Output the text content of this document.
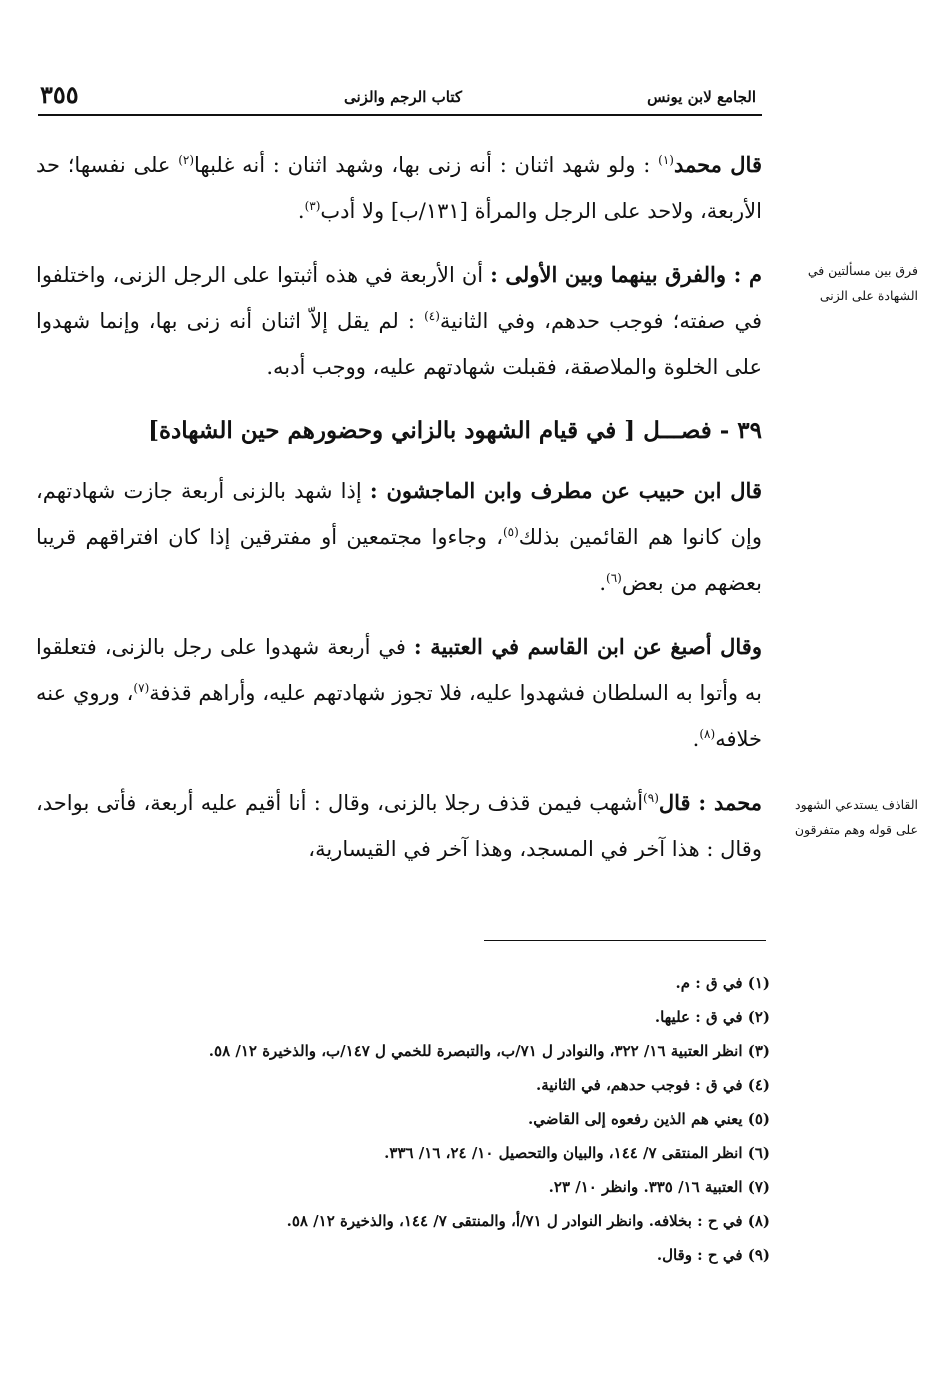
الجامع لابن يونس
كتاب الرجم والزنى
٣٥٥
فرق بين مسألتين في الشهادة على الزنى
القاذف يستدعي الشهود على قوله وهم متفرقون

قال محمد$^{(١)}$ : ولو شهد اثنان : أنه زنى بها، وشهد اثنان : أنه غلبها$^{(٢)}$ على نفسها؛ حد الأربعة، ولاحد على الرجل والمرأة [١٣١/ب] ولا أدب$^{(٣)}$.

م : والفرق بينهما وبين الأولى : أن الأربعة في هذه أثبتوا على الرجل الزنى، واختلفوا في صفته؛ فوجب حدهم، وفي الثانية$^{(٤)}$ : لم يقل إلاّ اثنان أنه زنى بها، وإنما شهدوا على الخلوة والملاصقة، فقبلت شهادتهم عليه، ووجب أدبه.

٣٩ - فصـــل [ في قيام الشهود بالزاني وحضورهم حين الشهادة]

قال ابن حبيب عن مطرف وابن الماجشون : إذا شهد بالزنى أربعة جازت شهادتهم، وإن كانوا هم القائمين بذلك$^{(٥)}$، وجاءوا مجتمعين أو مفترقين إذا كان افتراقهم قريبا بعضهم من بعض$^{(٦)}$.

وقال أصبغ عن ابن القاسم في العتبية : في أربعة شهدوا على رجل بالزنى، فتعلقوا به وأتوا به السلطان فشهدوا عليه، فلا تجوز شهادتهم عليه، وأراهم قذفة$^{(٧)}$، وروي عنه خلافه$^{(٨)}$.

محمد : قال$^{(٩)}$أشهب فيمن قذف رجلا بالزنى، وقال : أنا أقيم عليه أربعة، فأتى بواحد، وقال : هذا آخر في المسجد، وهذا آخر في القيسارية،

(١) في ق : م.
(٢) في ق : عليها.
(٣) انظر العتبية ١٦/ ٣٢٢، والنوادر ل ٧١/ب، والتبصرة للخمي ل ١٤٧/ب، والذخيرة ١٢/ ٥٨.
(٤) في ق : فوجب حدهم، في الثانية.
(٥) يعني هم الذين رفعوه إلى القاضي.
(٦) انظر المنتقى ٧/ ١٤٤، والبيان والتحصيل ١٠/ ٢٤، ١٦/ ٣٣٦.
(٧) العتبية ١٦/ ٣٣٥. وانظر ١٠/ ٢٣.
(٨) في ح : بخلافه. وانظر النوادر ل ٧١/أ، والمنتقى ٧/ ١٤٤، والذخيرة ١٢/ ٥٨.
(٩) في ح : وقال.
